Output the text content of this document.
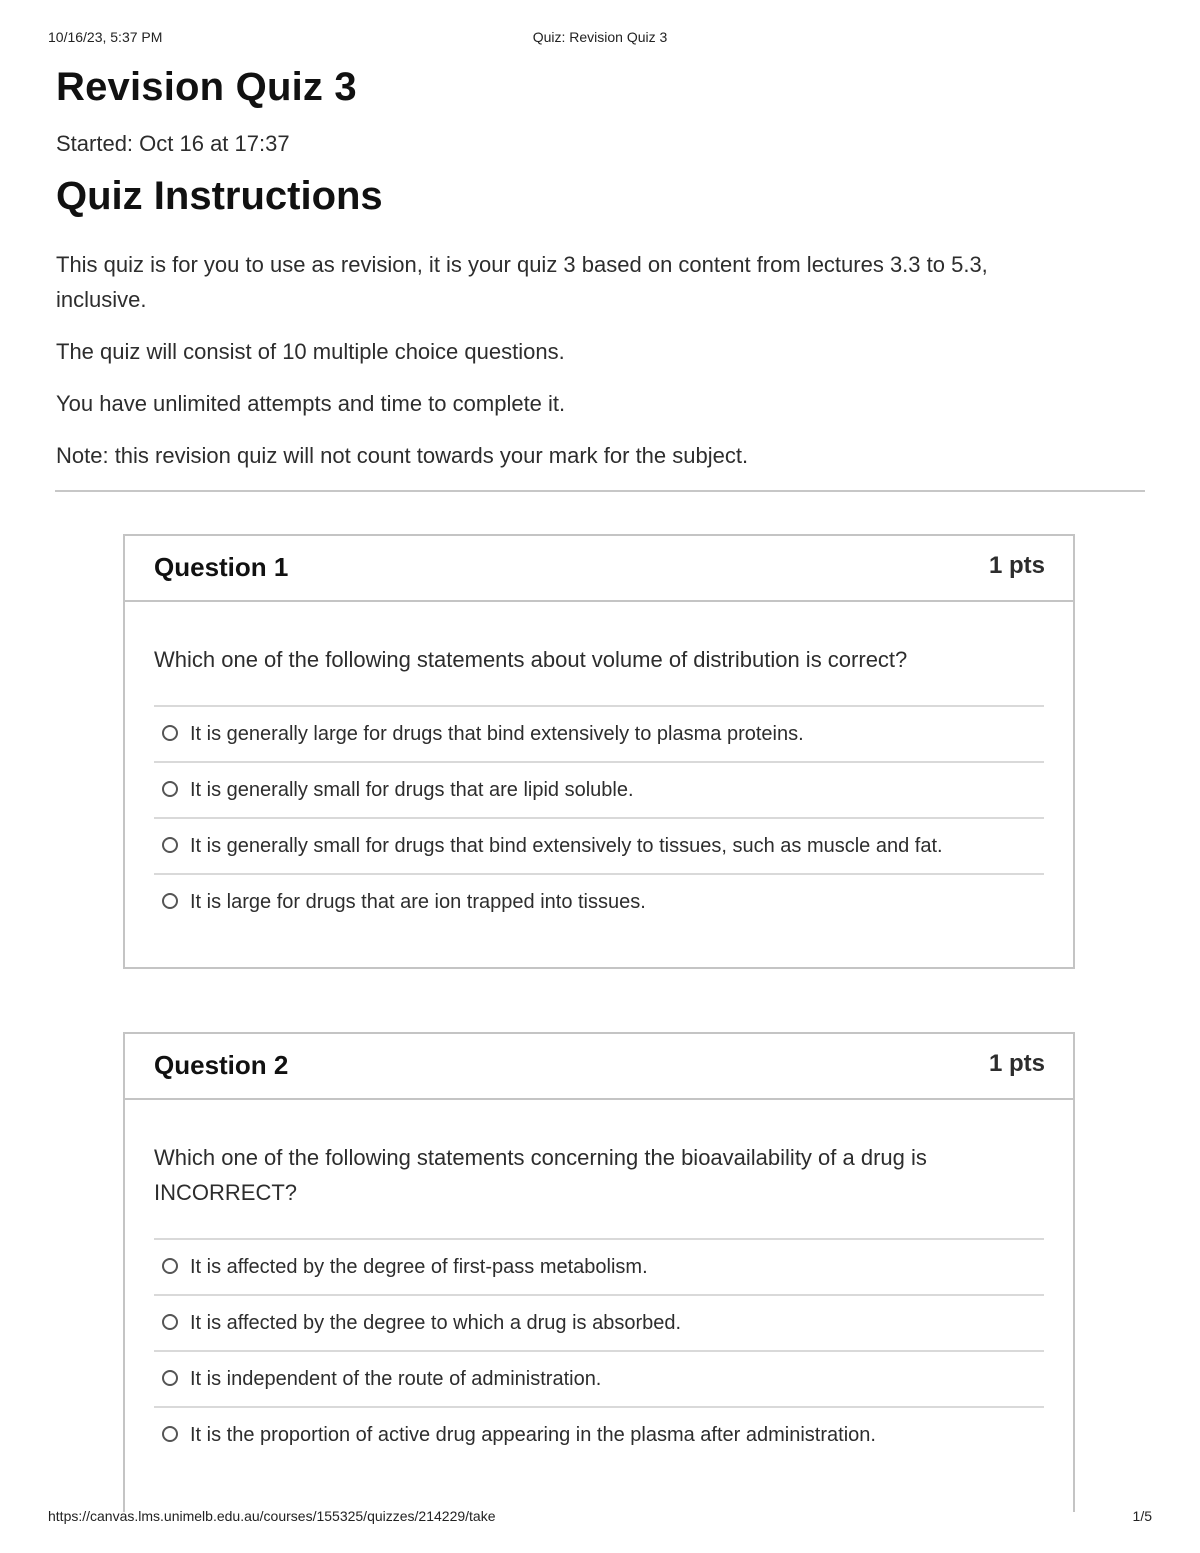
10/16/23, 5:37 PM	Quiz: Revision Quiz 3
Revision Quiz 3
Started: Oct 16 at 17:37
Quiz Instructions

This quiz is for you to use as revision, it is your quiz 3 based on content from lectures 3.3 to 5.3, inclusive.

The quiz will consist of 10 multiple choice questions.

You have unlimited attempts and time to complete it.

Note: this revision quiz will not count towards your mark for the subject.

Question 1	1 pts

Which one of the following statements about volume of distribution is correct?

It is generally large for drugs that bind extensively to plasma proteins.
It is generally small for drugs that are lipid soluble.
It is generally small for drugs that bind extensively to tissues, such as muscle and fat.
It is large for drugs that are ion trapped into tissues.
Question 2	1 pts

Which one of the following statements concerning the bioavailability of a drug is INCORRECT?

It is affected by the degree of first-pass metabolism.
It is affected by the degree to which a drug is absorbed.
It is independent of the route of administration.
It is the proportion of active drug appearing in the plasma after administration.
https://canvas.lms.unimelb.edu.au/courses/155325/quizzes/214229/take	1/5
